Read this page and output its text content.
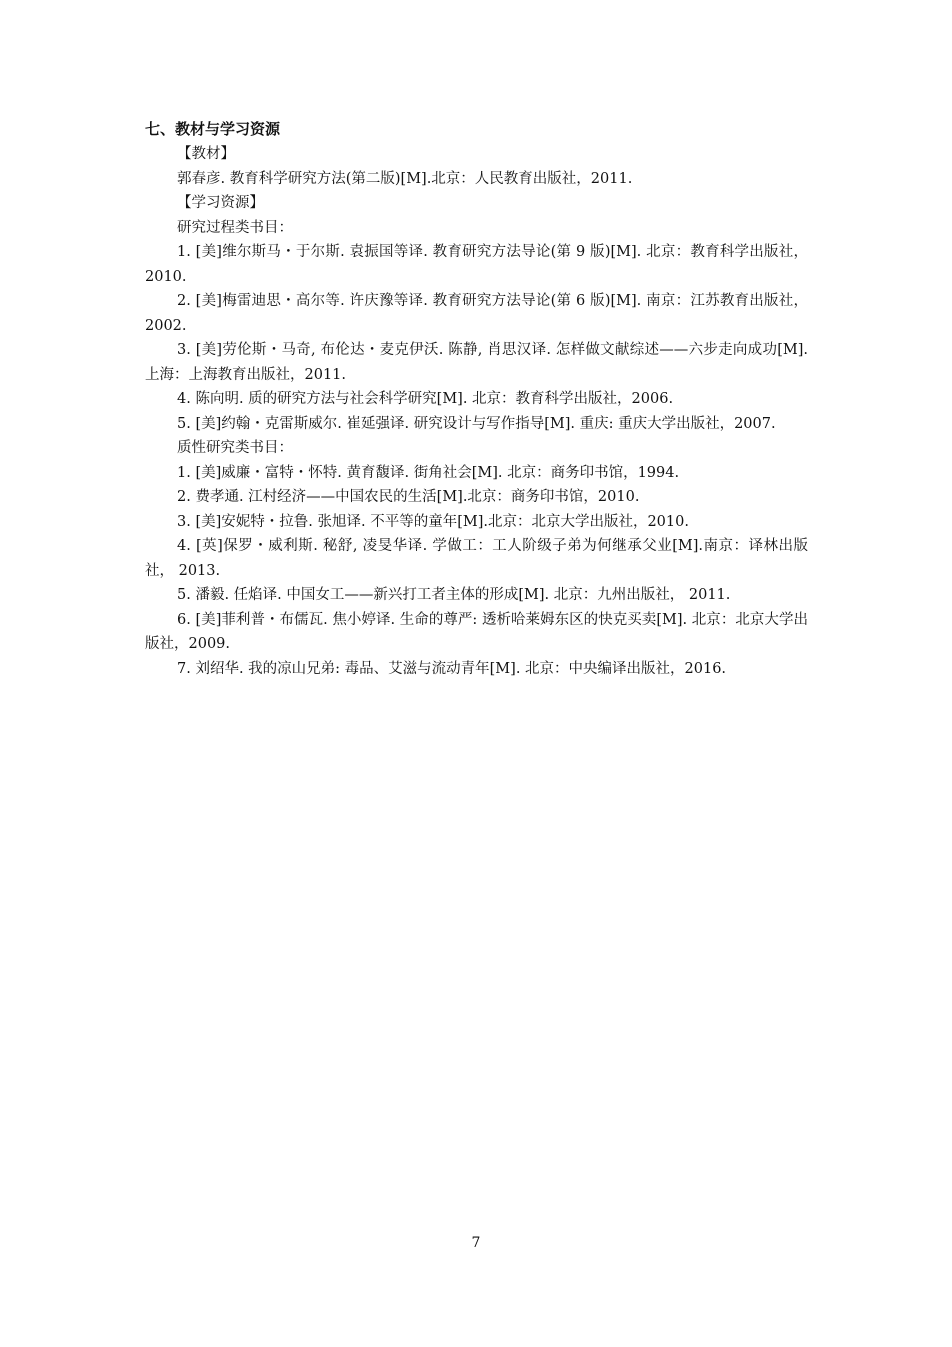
七、教材与学习资源

【教材】

郭春彦. 教育科学研究方法(第二版)[M].北京：人民教育出版社，2011.

【学习资源】

研究过程类书目：

1. [美]维尔斯马・于尔斯. 袁振国等译. 教育研究方法导论(第 9 版)[M]. 北京：教育科学出版社，2010.

2. [美]梅雷迪思・高尔等. 许庆豫等译. 教育研究方法导论(第 6 版)[M]. 南京：江苏教育出版社，2002.

3. [美]劳伦斯・马奇, 布伦达・麦克伊沃. 陈静, 肖思汉译. 怎样做文献综述——六步走向成功[M]. 上海：上海教育出版社，2011.

4. 陈向明. 质的研究方法与社会科学研究[M]. 北京：教育科学出版社，2006.

5. [美]约翰・克雷斯威尔. 崔延强译. 研究设计与写作指导[M]. 重庆: 重庆大学出版社，2007.

质性研究类书目：

1. [美]威廉・富特・怀特. 黄育馥译. 街角社会[M]. 北京：商务印书馆，1994.

2. 费孝通. 江村经济——中国农民的生活[M].北京：商务印书馆，2010.

3. [美]安妮特・拉鲁. 张旭译. 不平等的童年[M].北京：北京大学出版社，2010.

4. [英]保罗・威利斯. 秘舒, 凌旻华译. 学做工：工人阶级子弟为何继承父业[M].南京：译林出版社， 2013.

5. 潘毅. 任焰译. 中国女工——新兴打工者主体的形成[M]. 北京：九州出版社， 2011.

6. [美]菲利普・布儒瓦. 焦小婷译. 生命的尊严: 透析哈莱姆东区的快克买卖[M]. 北京：北京大学出版社，2009.

7. 刘绍华. 我的凉山兄弟: 毒品、艾滋与流动青年[M]. 北京：中央编译出版社，2016.

7
